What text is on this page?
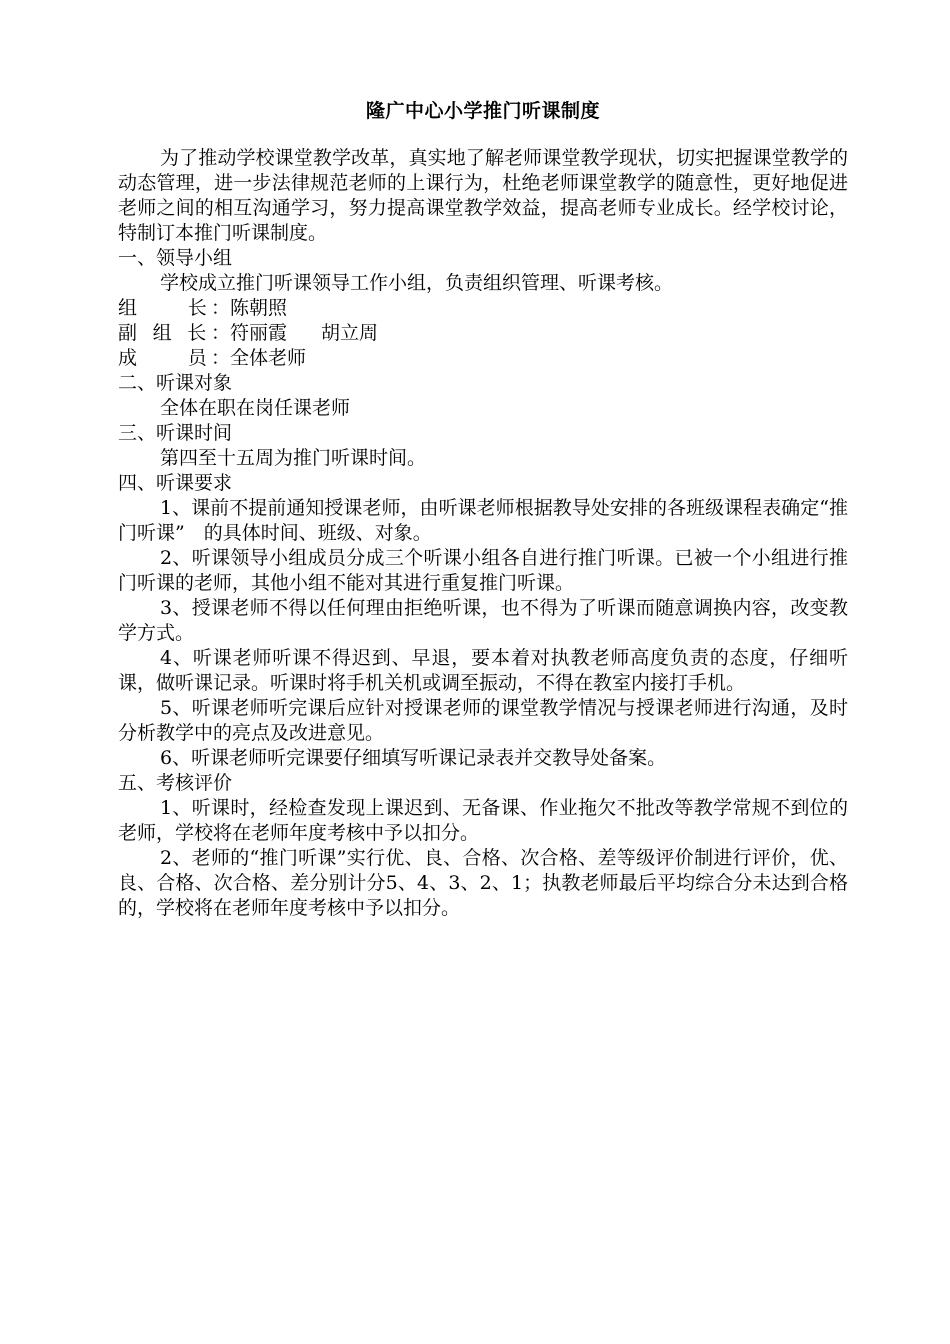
隆广中心小学推门听课制度

为了推动学校课堂教学改革，真实地了解老师课堂教学现状，切实把握课堂教学的动态管理，进一步法律规范老师的上课行为，杜绝老师课堂教学的随意性，更好地促进老师之间的相互沟通学习，努力提高课堂教学效益，提高老师专业成长。经学校讨论，特制订本推门听课制度。

一、领导小组

学校成立推门听课领导工作小组，负责组织管理、听课考核。

组　　长： 陈朝照

副 组 长： 符丽霞 胡立周

成　　员： 全体老师

二、听课对象

全体在职在岗任课老师

三、听课时间

第四至十五周为推门听课时间。

四、听课要求

1、课前不提前通知授课老师，由听课老师根据教导处安排的各班级课程表确定“推门听课”　的具体时间、班级、对象。

2、听课领导小组成员分成三个听课小组各自进行推门听课。已被一个小组进行推门听课的老师，其他小组不能对其进行重复推门听课。

3、授课老师不得以任何理由拒绝听课，也不得为了听课而随意调换内容，改变教学方式。

4、听课老师听课不得迟到、早退，要本着对执教老师高度负责的态度，仔细听课，做听课记录。听课时将手机关机或调至振动，不得在教室内接打手机。

5、听课老师听完课后应针对授课老师的课堂教学情况与授课老师进行沟通，及时分析教学中的亮点及改进意见。

6、听课老师听完课要仔细填写听课记录表并交教导处备案。

五、考核评价

1、听课时，经检查发现上课迟到、无备课、作业拖欠不批改等教学常规不到位的老师，学校将在老师年度考核中予以扣分。

2、老师的“推门听课”实行优、良、合格、次合格、差等级评价制进行评价，优、良、合格、次合格、差分别计分5、4、3、2、1；执教老师最后平均综合分未达到合格的，学校将在老师年度考核中予以扣分。
